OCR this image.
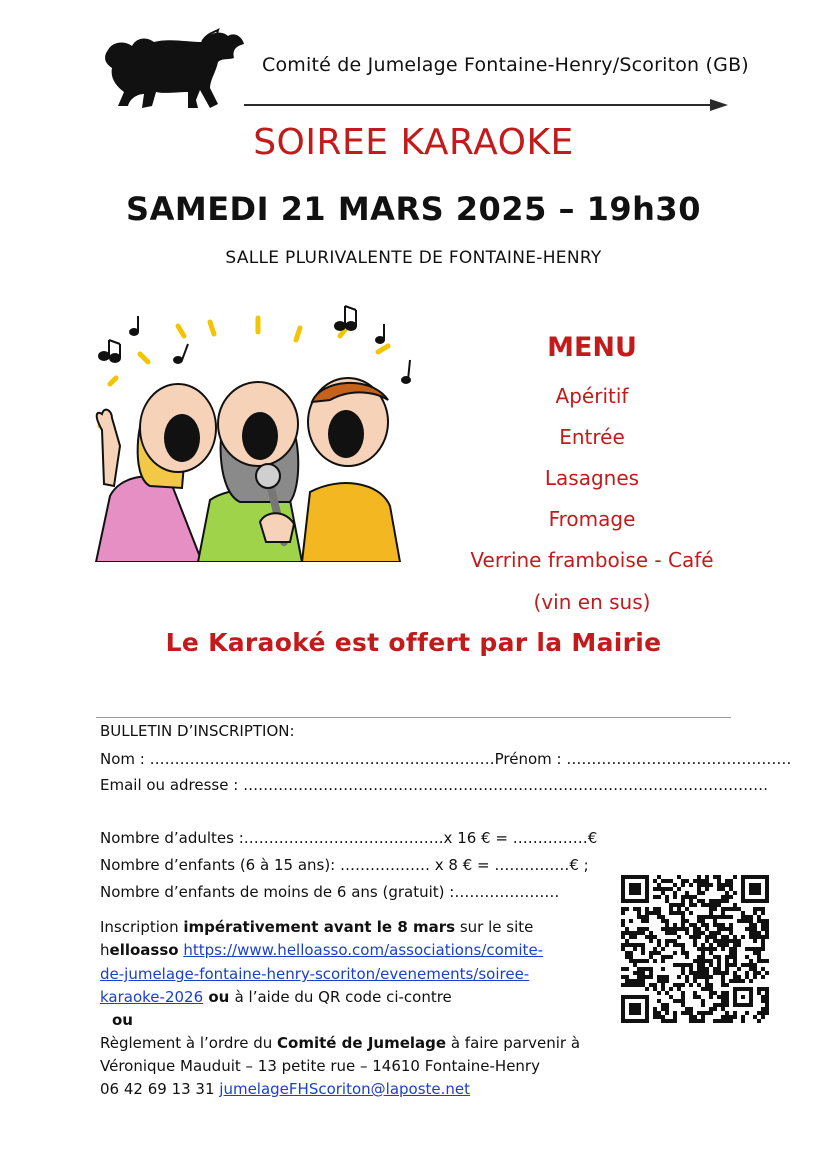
Comité de Jumelage Fontaine-Henry/Scoriton (GB)
SOIREE KARAOKE
SAMEDI 21 MARS 2025 – 19h30
SALLE PLURIVALENTE DE FONTAINE-HENRY
MENU
Apéritif
Entrée
Lasagnes
Fromage
Verrine framboise - Café
(vin en sus)
Le Karaoké est offert par la Mairie
BULLETIN D’INSCRIPTION:
Nom : ……………………………………………………………Prénom : ………………………………………
Email ou adresse : ……………………………………………………………………………………………
Nombre d’adultes :………………………………….x 16 € = ……………€
Nombre d’enfants (6 à 15 ans): ……………… x 8 € = ……………€ ;
Nombre d’enfants de moins de 6 ans (gratuit) :…………………
Inscription impérativement avant le 8 mars sur le site
helloasso https://www.helloasso.com/associations/comite-
de-jumelage-fontaine-henry-scoriton/evenements/soiree-
karaoke-2026 ou à l’aide du QR code ci-contre
ou
Règlement à l’ordre du Comité de Jumelage à faire parvenir à
Véronique Mauduit – 13 petite rue – 14610 Fontaine-Henry
06 42 69 13 31 jumelageFHScoriton@laposte.net
